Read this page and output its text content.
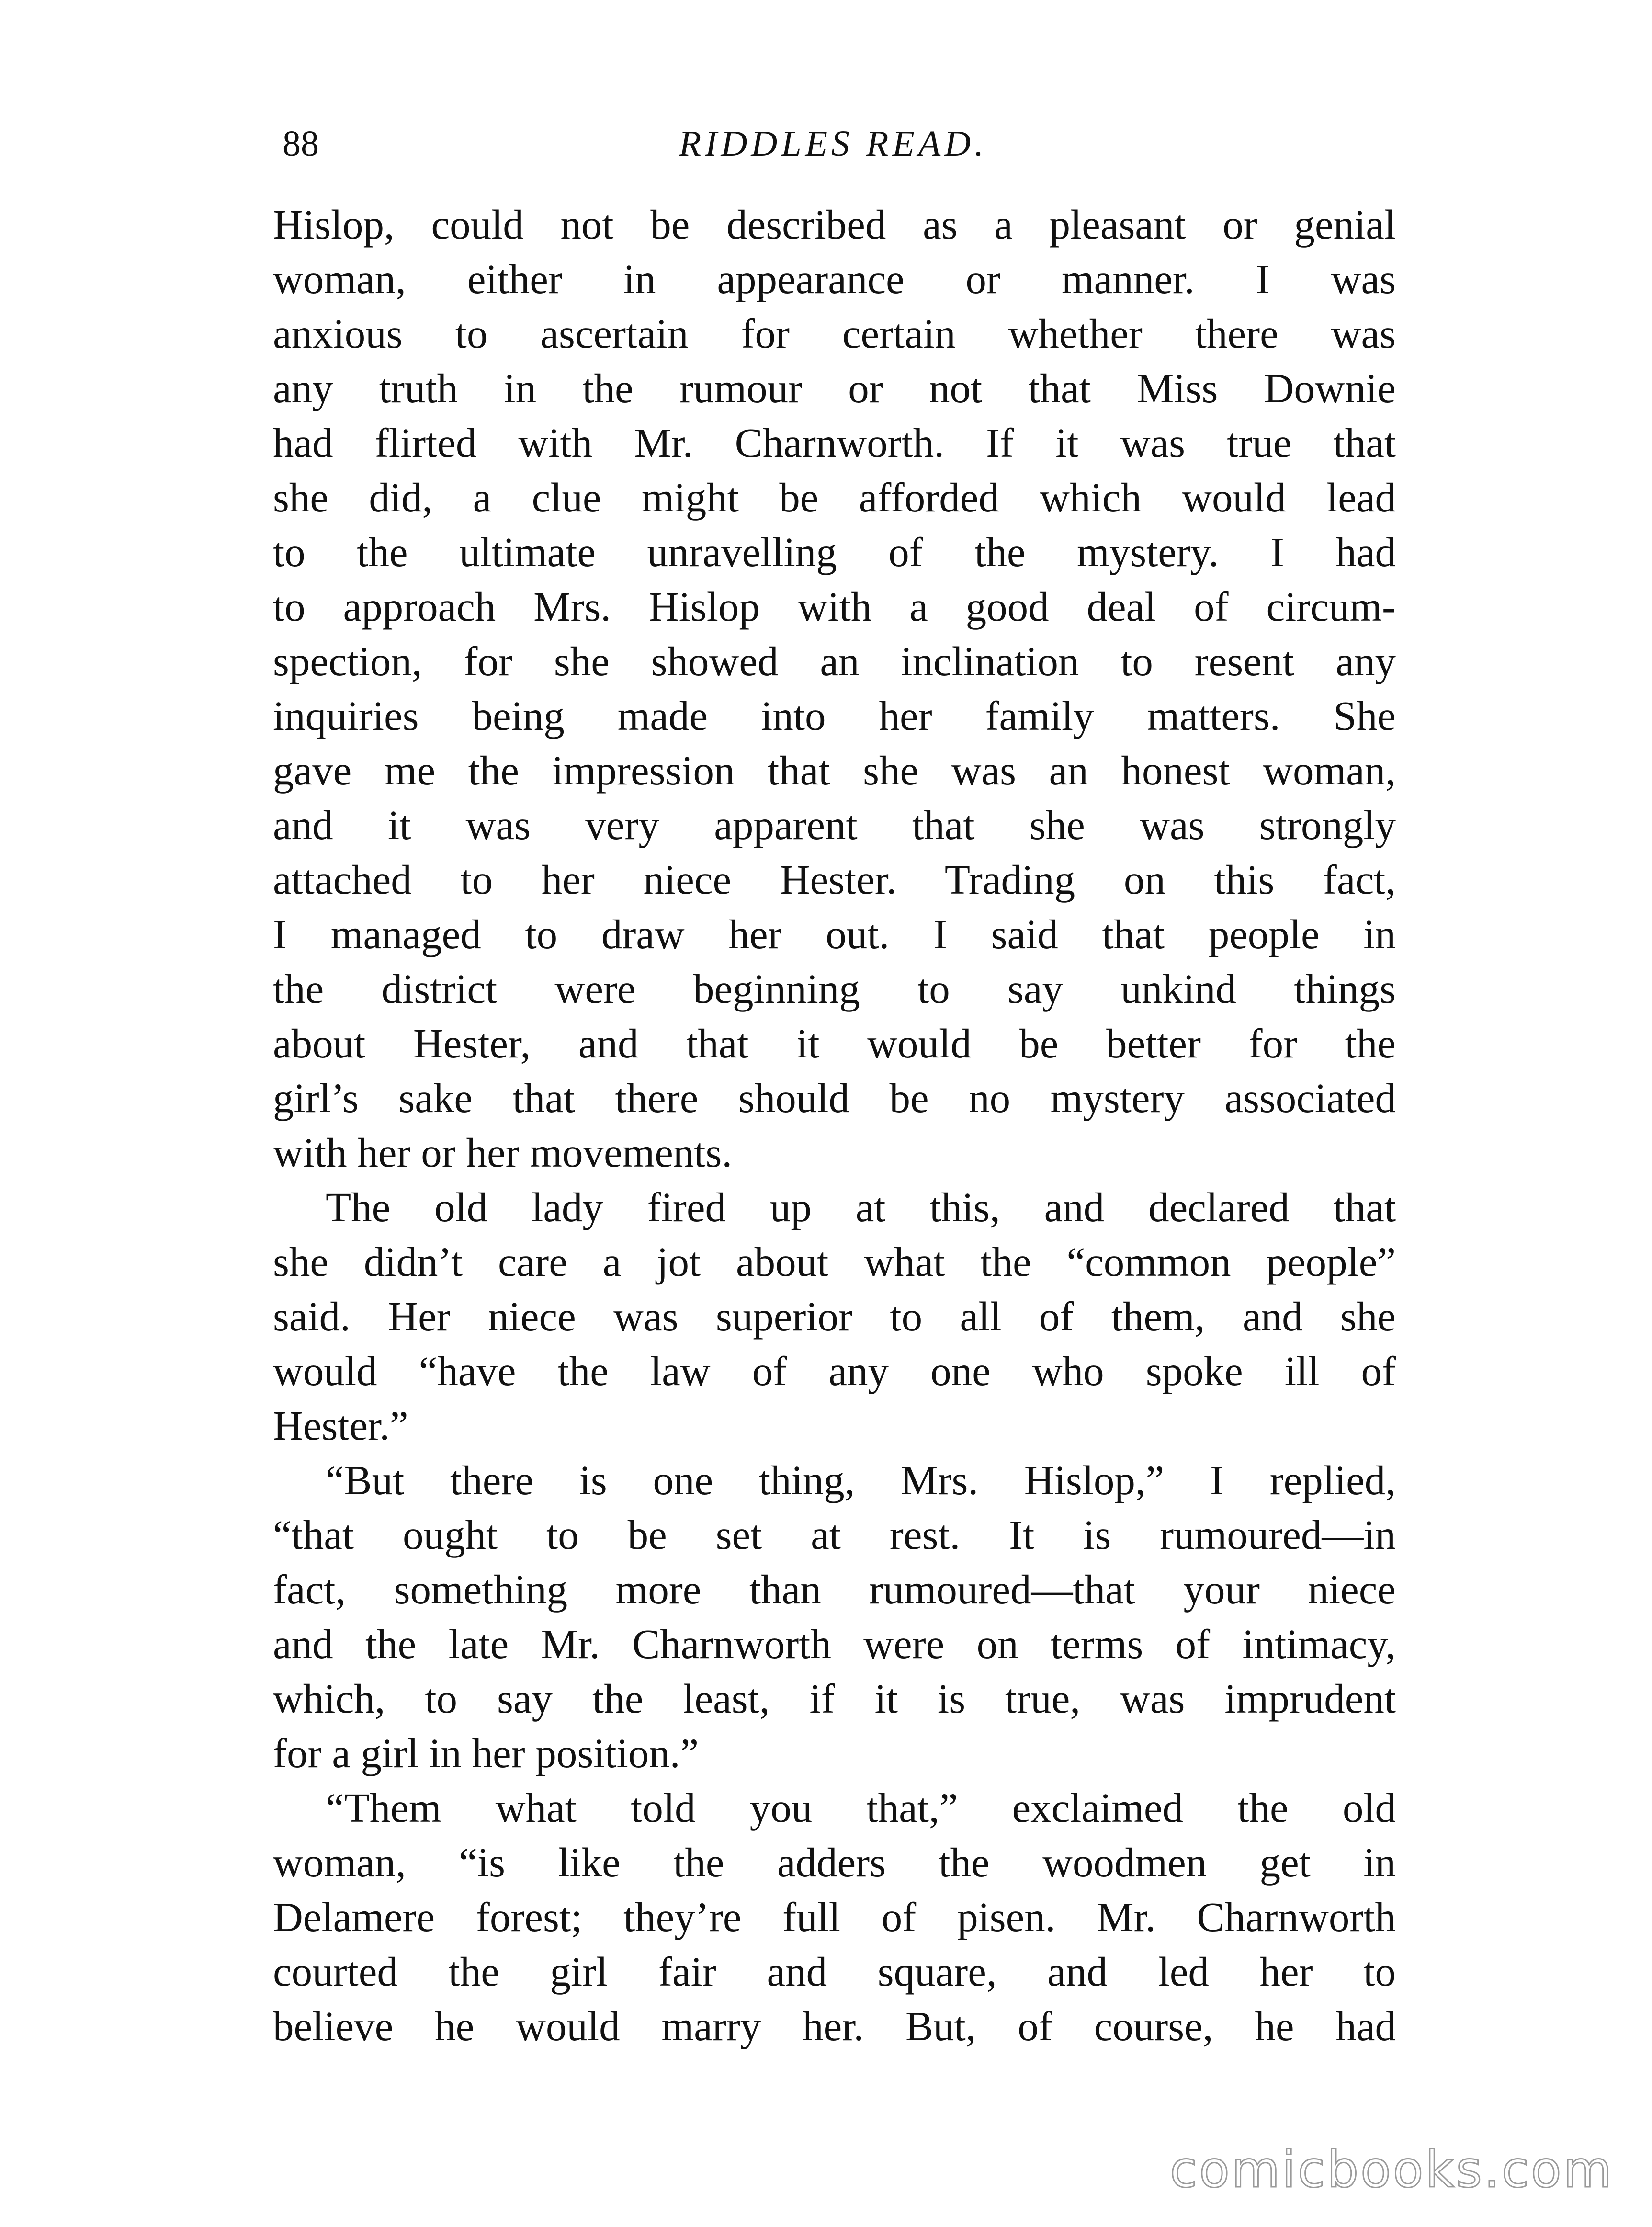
88	RIDDLES READ.
Hislop, could not be described as a pleasant or genial
woman, either in appearance or manner. I was
anxious to ascertain for certain whether there was
any truth in the rumour or not that Miss Downie
had flirted with Mr. Charnworth. If it was true that
she did, a clue might be afforded which would lead
to the ultimate unravelling of the mystery. I had
to approach Mrs. Hislop with a good deal of circum-
spection, for she showed an inclination to resent any
inquiries being made into her family matters. She
gave me the impression that she was an honest woman,
and it was very apparent that she was strongly
attached to her niece Hester. Trading on this fact,
I managed to draw her out. I said that people in
the district were beginning to say unkind things
about Hester, and that it would be better for the
girl’s sake that there should be no mystery associated
with her or her movements.
The old lady fired up at this, and declared that
she didn’t care a jot about what the “common people”
said. Her niece was superior to all of them, and she
would “have the law of any one who spoke ill of
Hester.”
“But there is one thing, Mrs. Hislop,” I replied,
“that ought to be set at rest. It is rumoured—in
fact, something more than rumoured—that your niece
and the late Mr. Charnworth were on terms of intimacy,
which, to say the least, if it is true, was imprudent
for a girl in her position.”
“Them what told you that,” exclaimed the old
woman, “is like the adders the woodmen get in
Delamere forest; they’re full of pisen. Mr. Charnworth
courted the girl fair and square, and led her to
believe he would marry her. But, of course, he had
comicbooks.com
